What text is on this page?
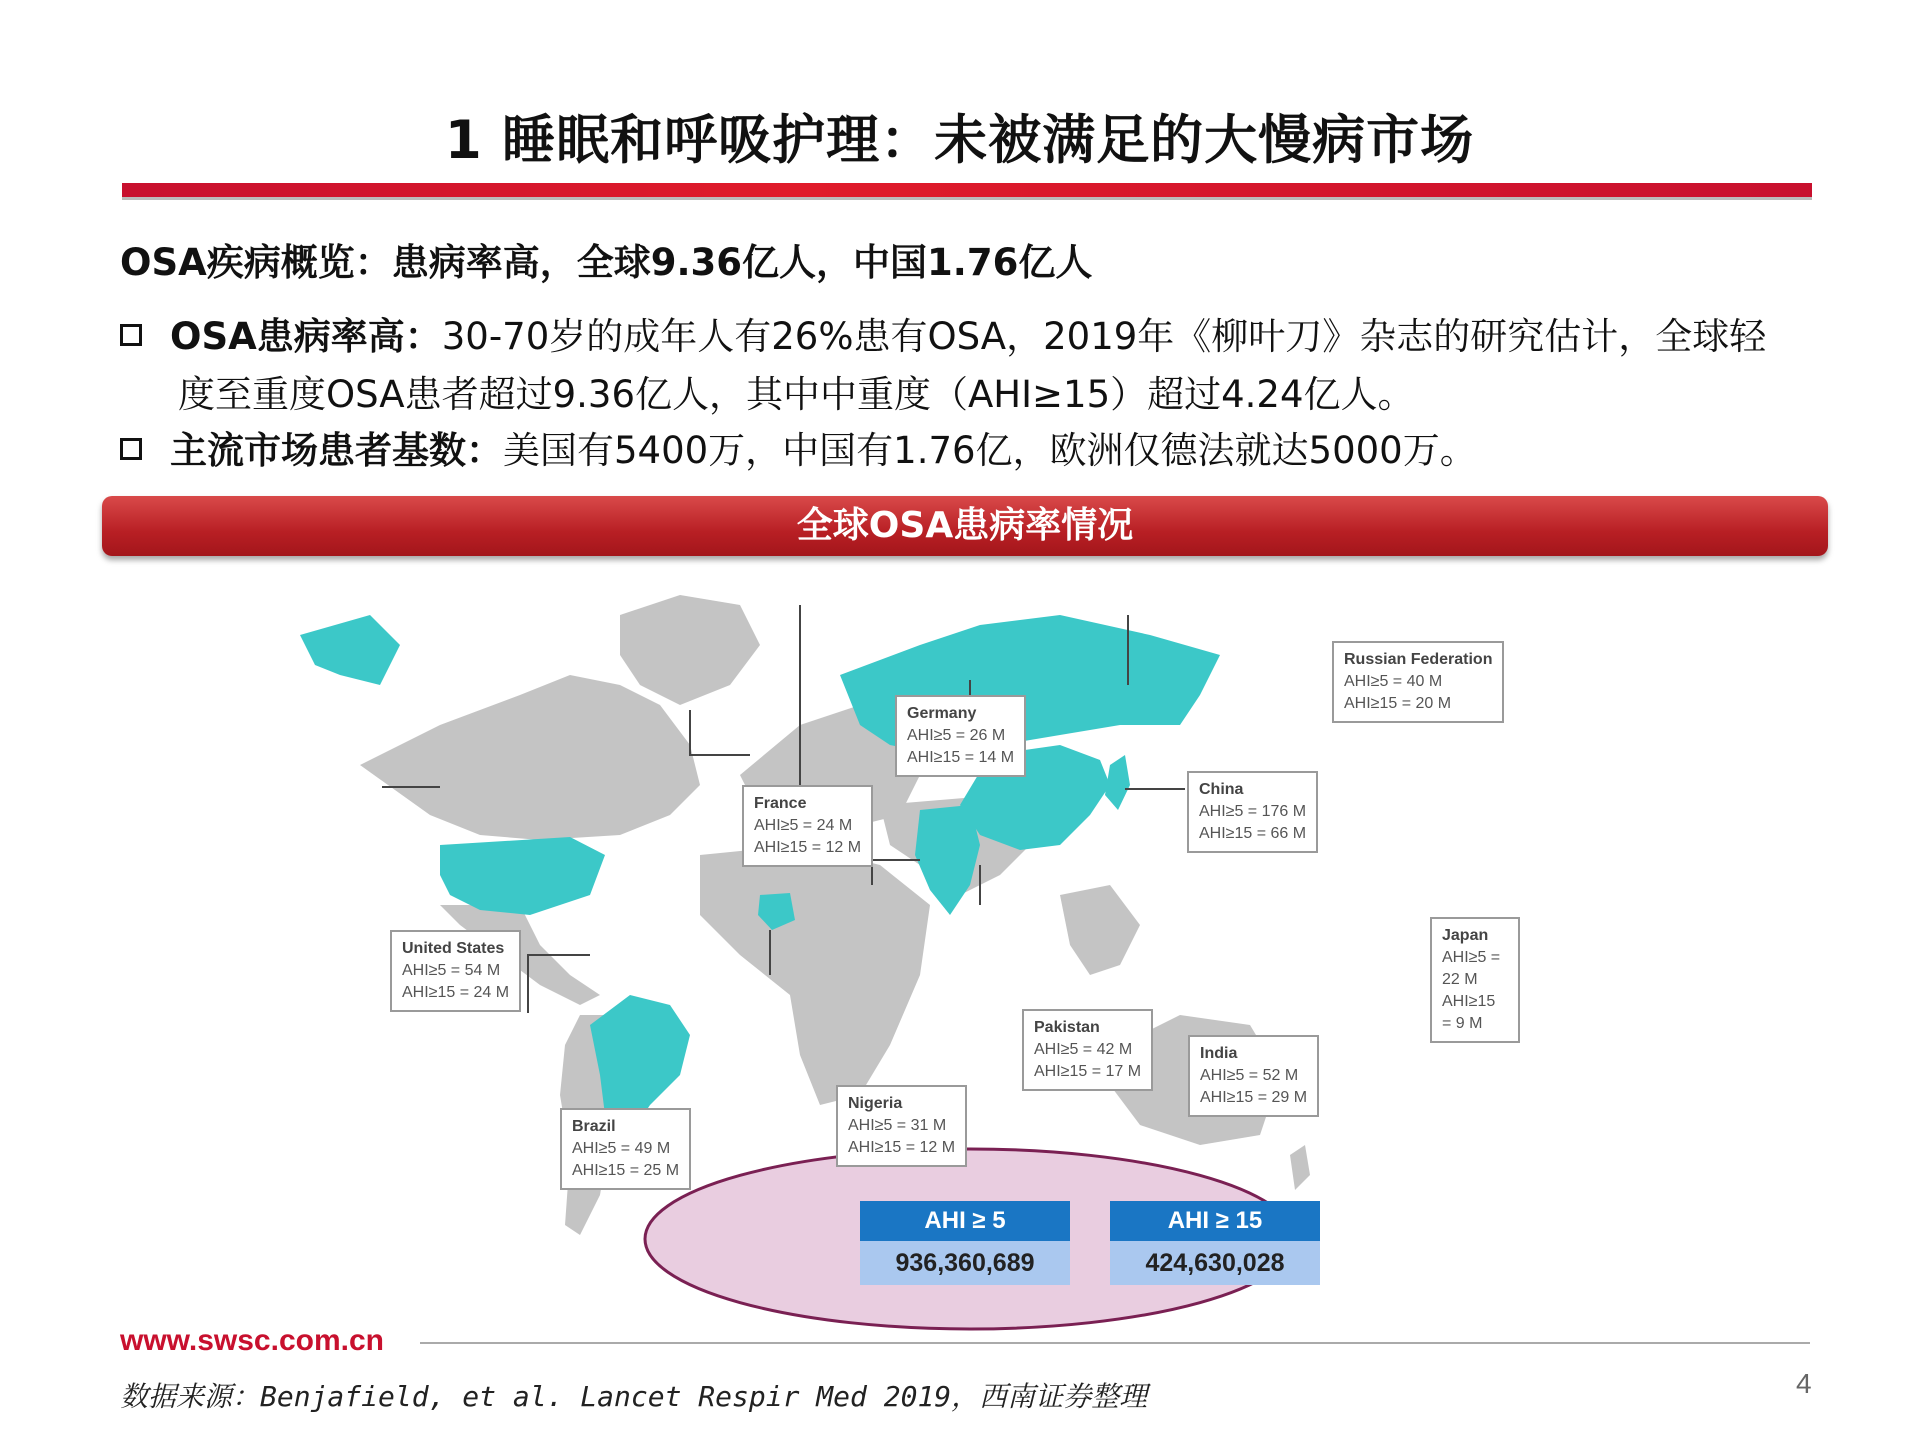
1 睡眠和呼吸护理：未被满足的大慢病市场
OSA疾病概览：患病率高，全球9.36亿人，中国1.76亿人
OSA患病率高：30-70岁的成年人有26%患有OSA，2019年《柳叶刀》杂志的研究估计，全球轻
度至重度OSA患者超过9.36亿人，其中中重度（AHI≥15）超过4.24亿人。
主流市场患者基数：美国有5400万，中国有1.76亿，欧洲仅德法就达5000万。
全球OSA患病率情况
Russian Federation
AHI≥5 = 40 M
AHI≥15 = 20 M
Germany
AHI≥5 = 26 M
AHI≥15 = 14 M
France
AHI≥5 = 24 M
AHI≥15 = 12 M
China
AHI≥5 = 176 M
AHI≥15 = 66 M
United States
AHI≥5 = 54 M
AHI≥15 = 24 M
Japan
AHI≥5 = 22 M
AHI≥15 = 9 M
Pakistan
AHI≥5 = 42 M
AHI≥15 = 17 M
India
AHI≥5 = 52 M
AHI≥15 = 29 M
Nigeria
AHI≥5 = 31 M
AHI≥15 = 12 M
Brazil
AHI≥5 = 49 M
AHI≥15 = 25 M
AHI ≥ 5
936,360,689
AHI ≥ 15
424,630,028
www.swsc.com.cn
数据来源：Benjafield, et al. Lancet Respir Med 2019，西南证券整理	4
